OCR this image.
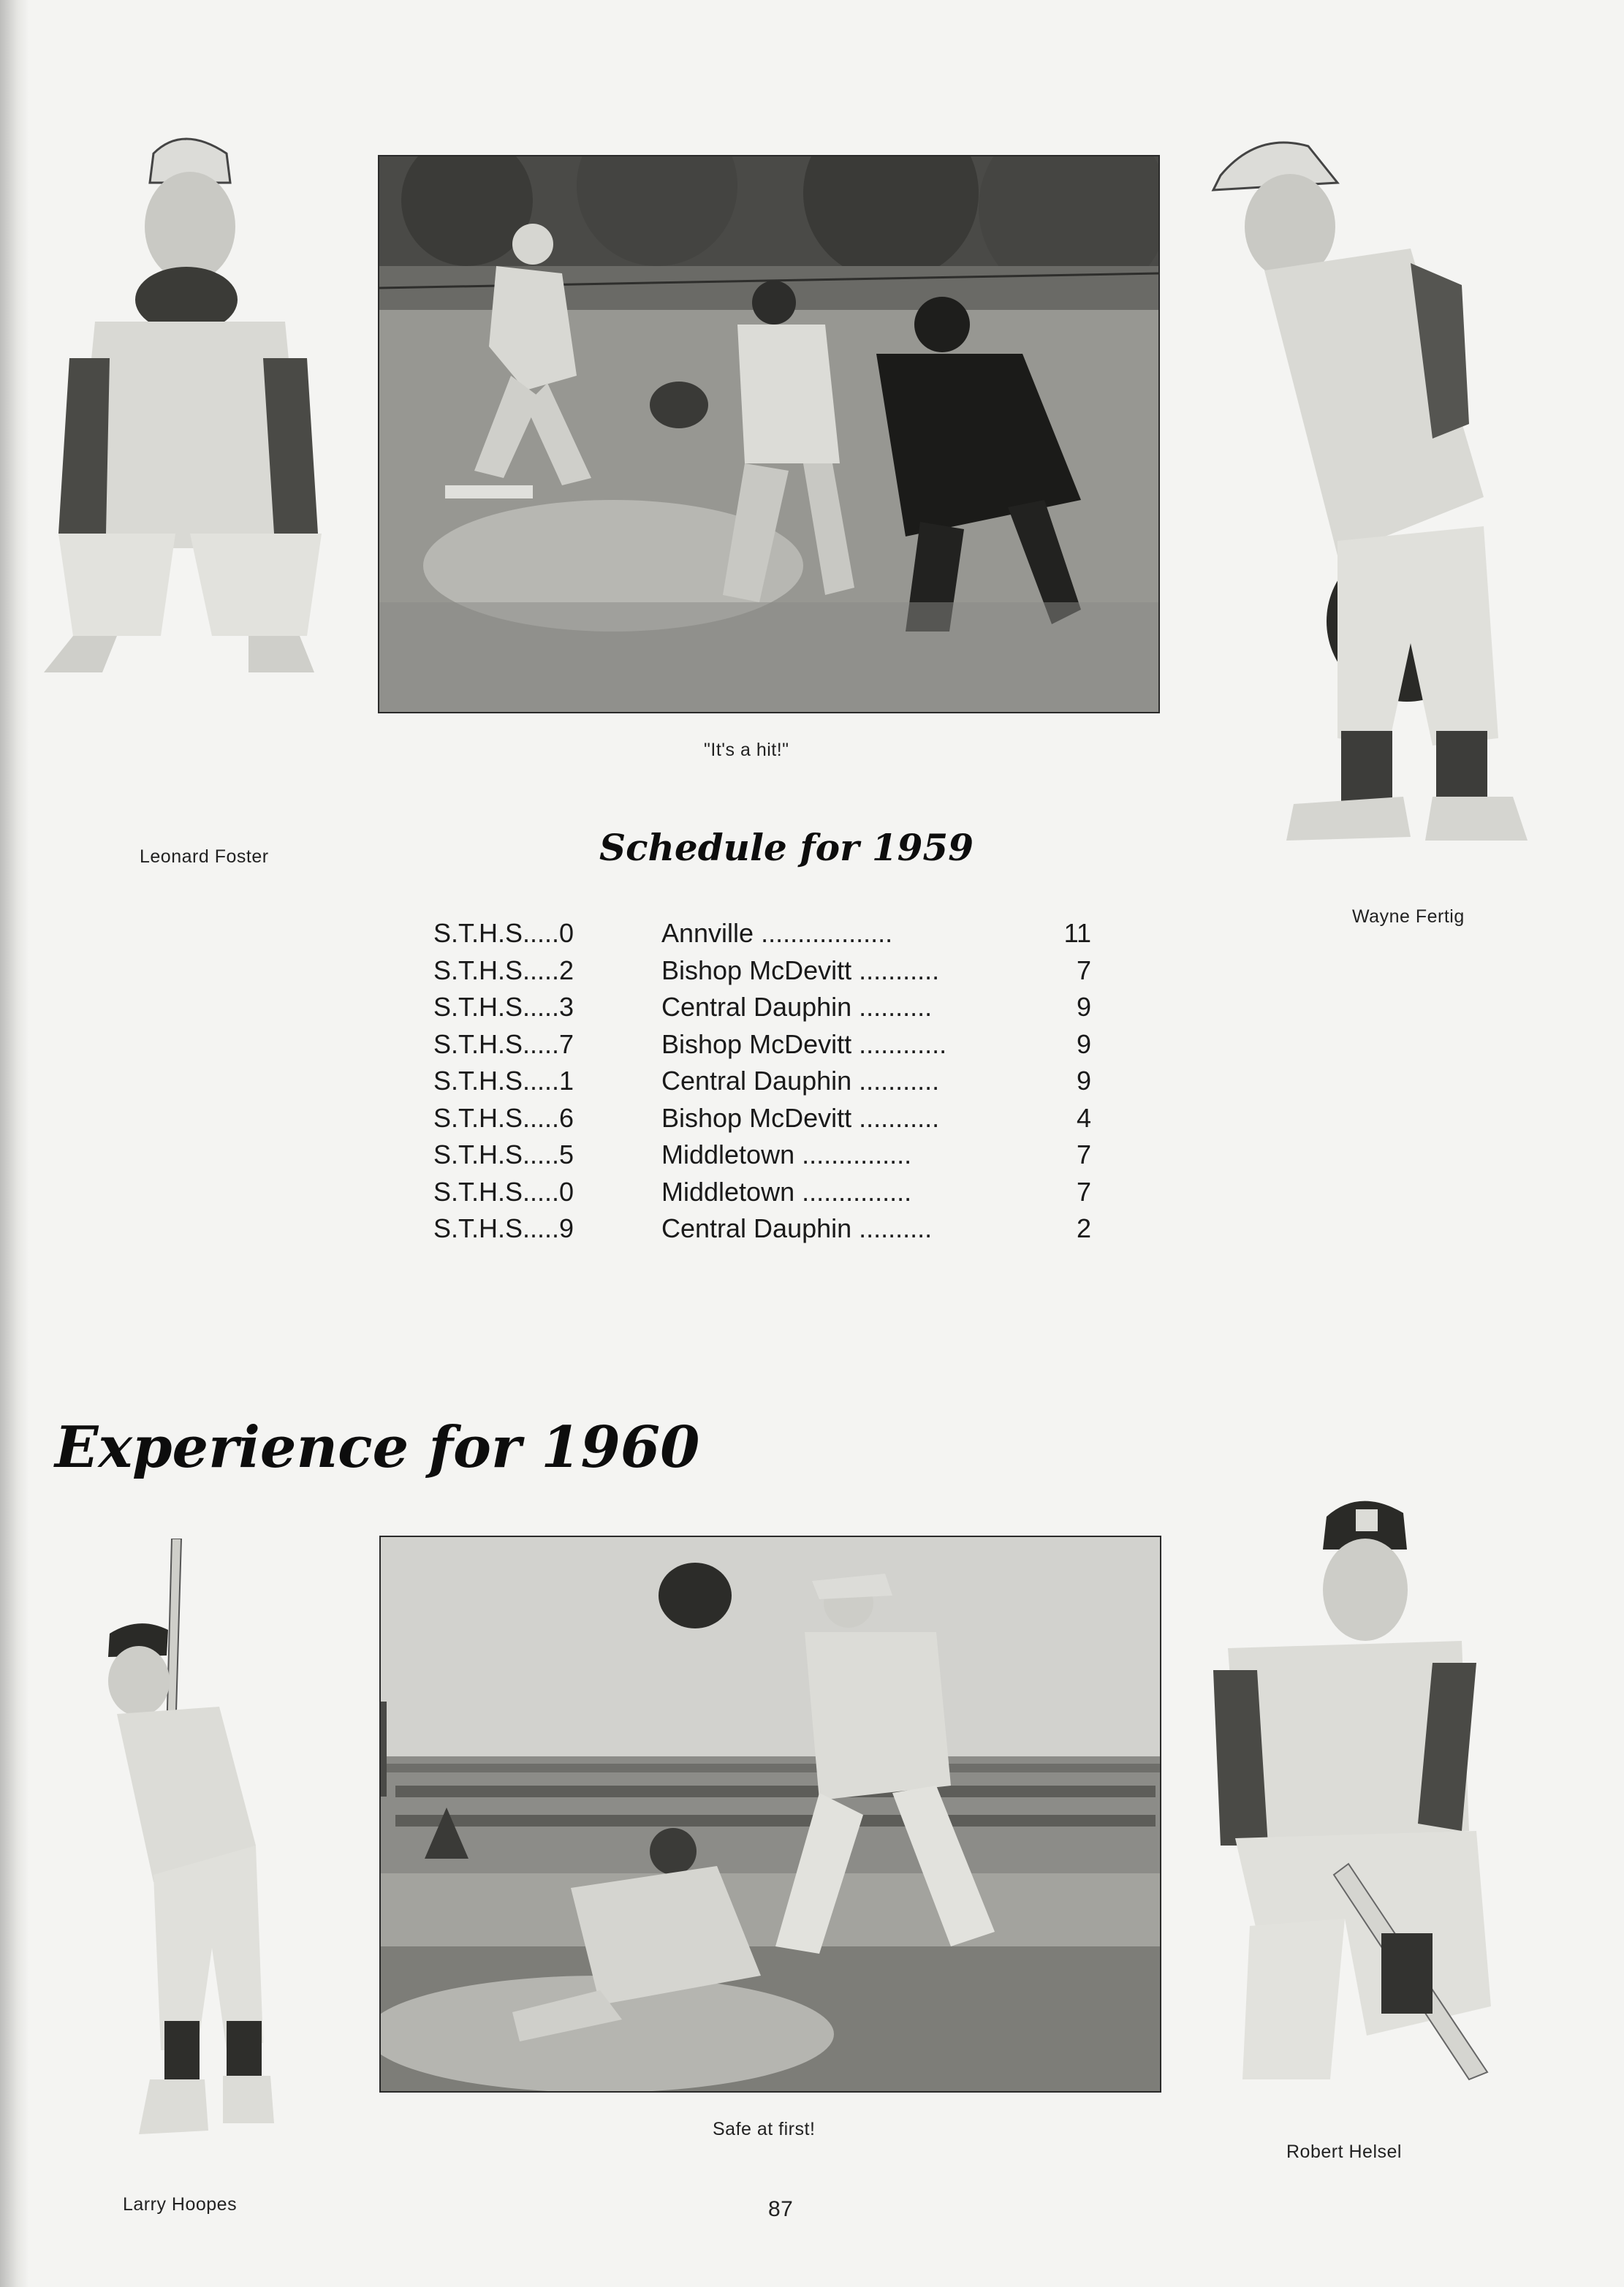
"It's a hit!"
Leonard Foster
Wayne Fertig
Schedule for 1959
S.T.H.S.....0	Annville ..................	11
S.T.H.S.....2	Bishop McDevitt ...........	7
S.T.H.S.....3	Central Dauphin ..........	9
S.T.H.S.....7	Bishop McDevitt ............	9
S.T.H.S.....1	Central Dauphin ...........	9
S.T.H.S.....6	Bishop McDevitt ...........	4
S.T.H.S.....5	Middletown ...............	7
S.T.H.S.....0	Middletown ...............	7
S.T.H.S.....9	Central Dauphin ..........	2
Experience for 1960
Larry Hoopes
Safe at first!
Robert Helsel
87
